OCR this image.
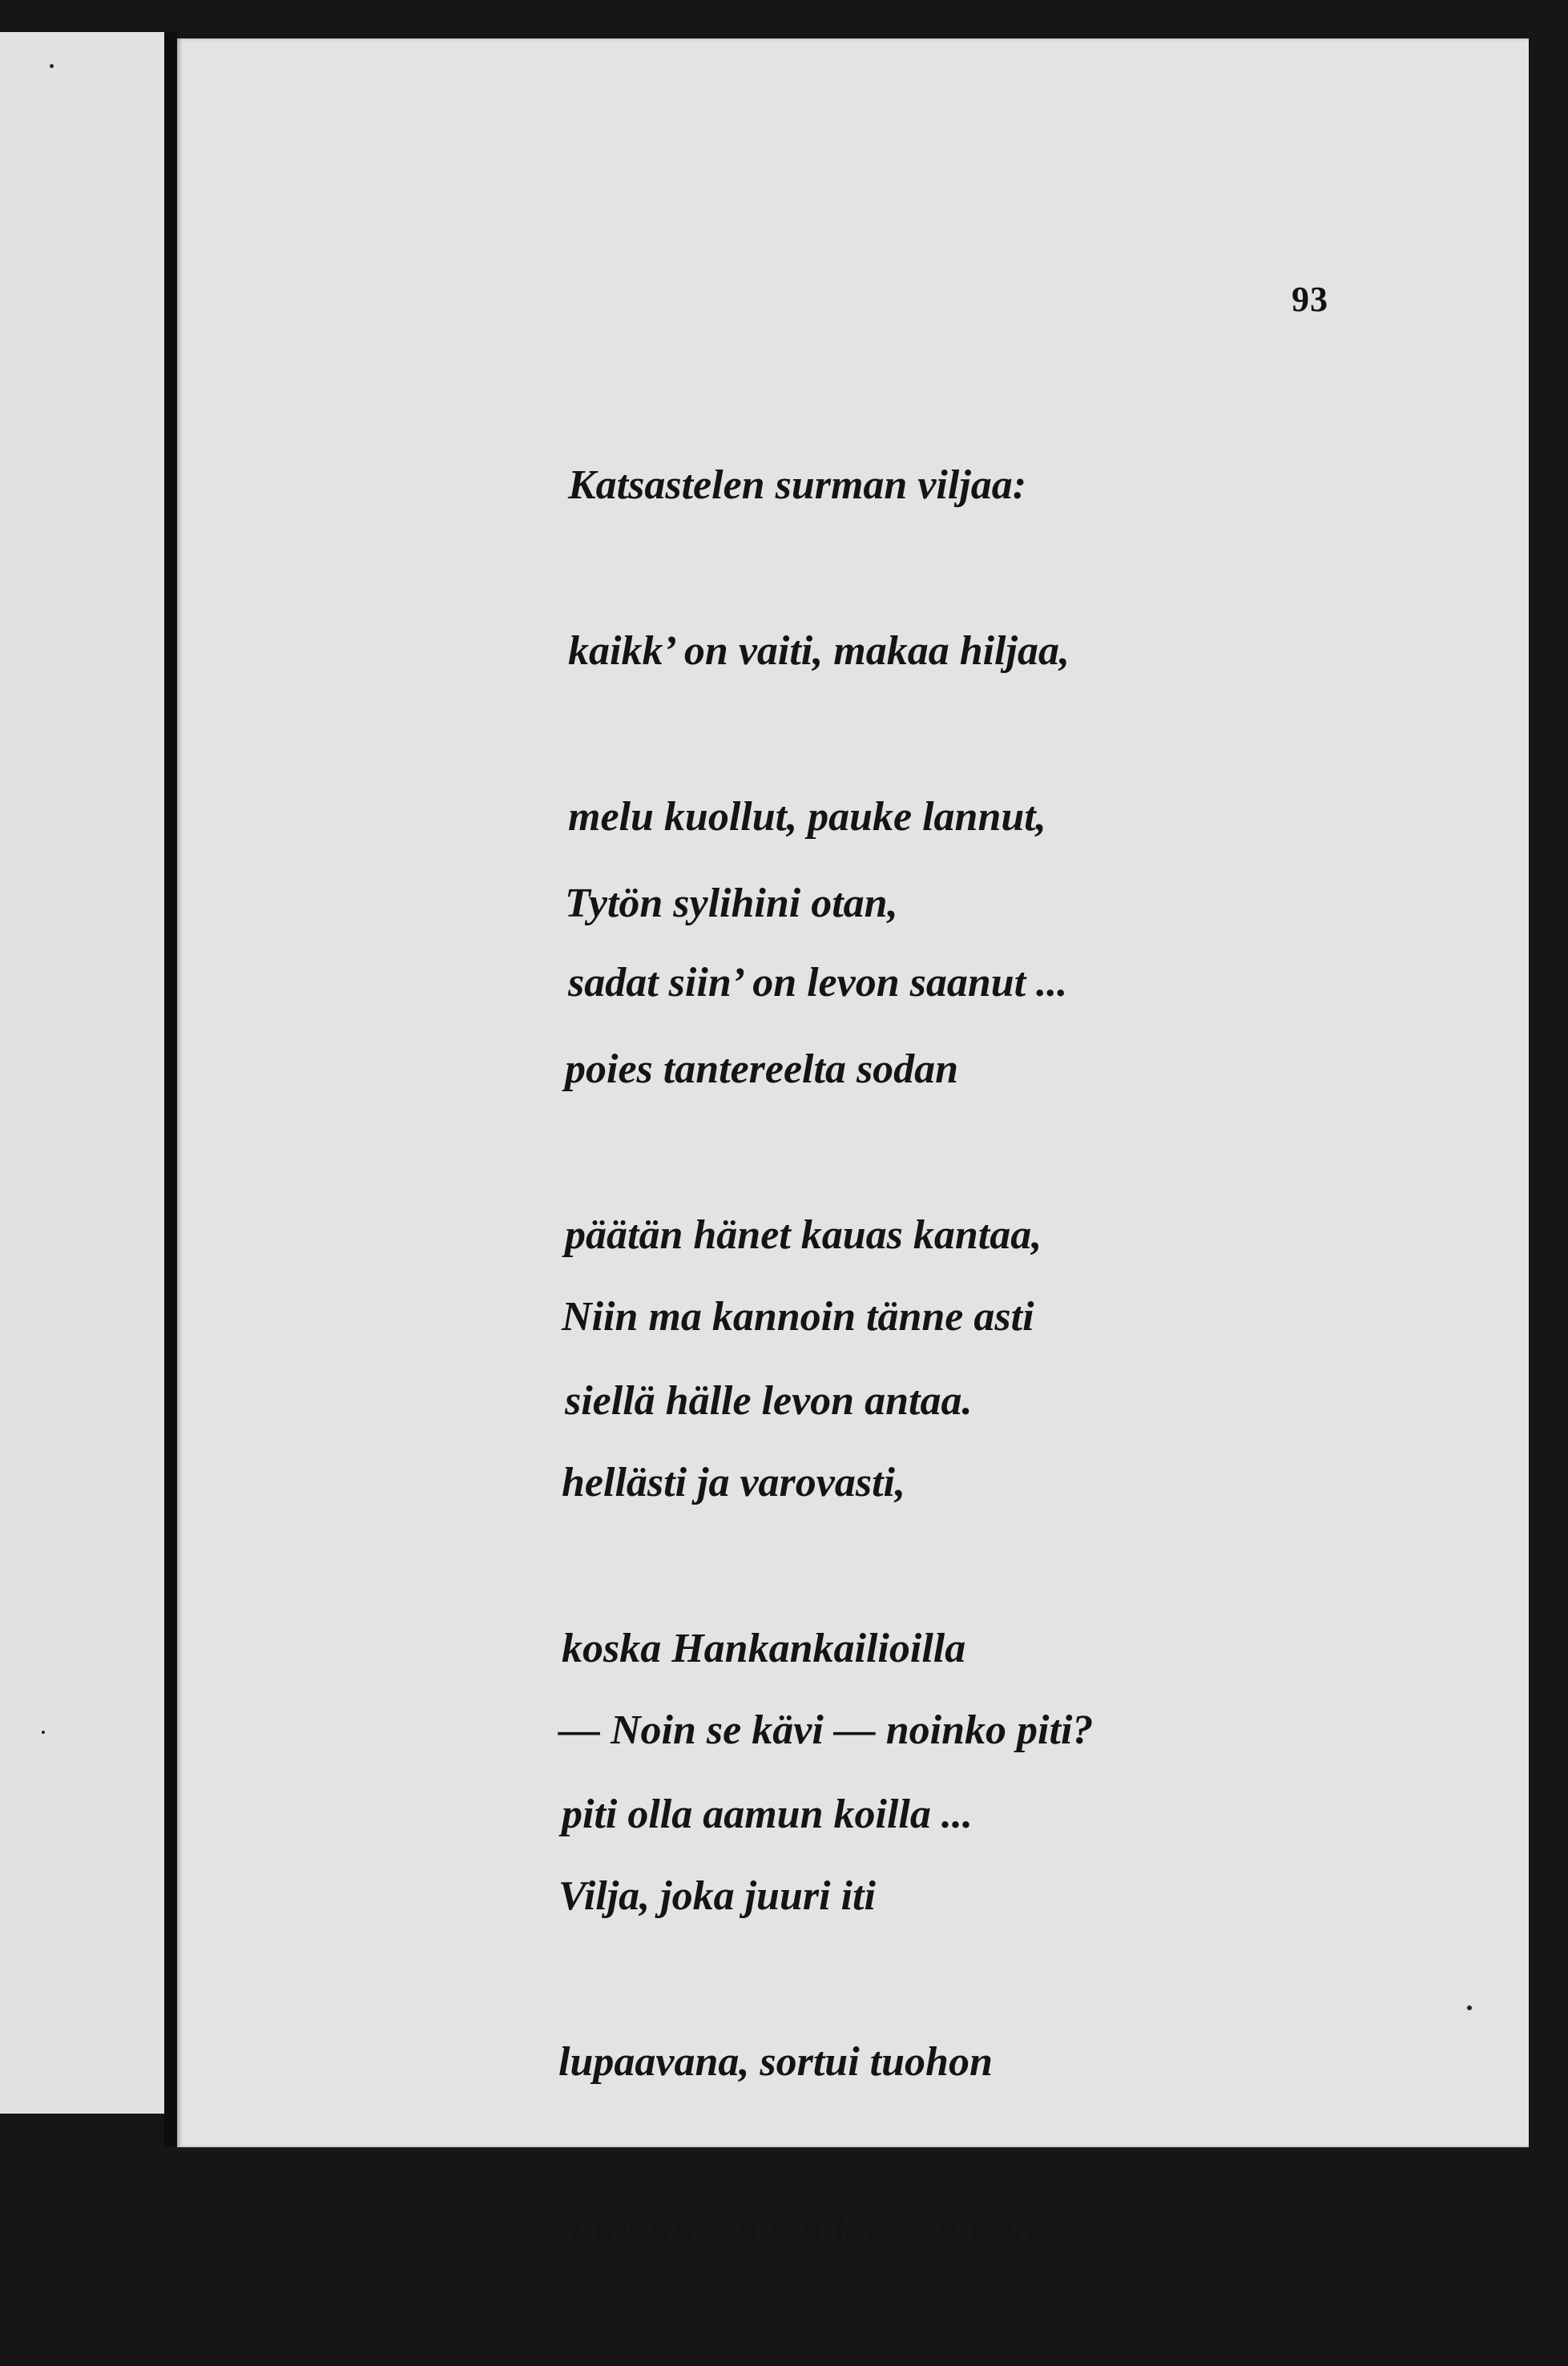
93

Katsastelen surman viljaa:

kaikk’ on vaiti, makaa hiljaa,

melu kuollut, pauke lannut,

sadat siin’ on levon saanut ...

Tytön sylihini otan,

poies tantereelta sodan

päätän hänet kauas kantaa,

siellä hälle levon antaa.

Niin ma kannoin tänne asti

hellästi ja varovasti,

koska Hankankailioilla

piti olla aamun koilla ...

— Noin se kävi — noinko piti?

Vilja, joka juuri iti

lupaavana, sortui tuohon

niinkuin kätten läpi suohon.
